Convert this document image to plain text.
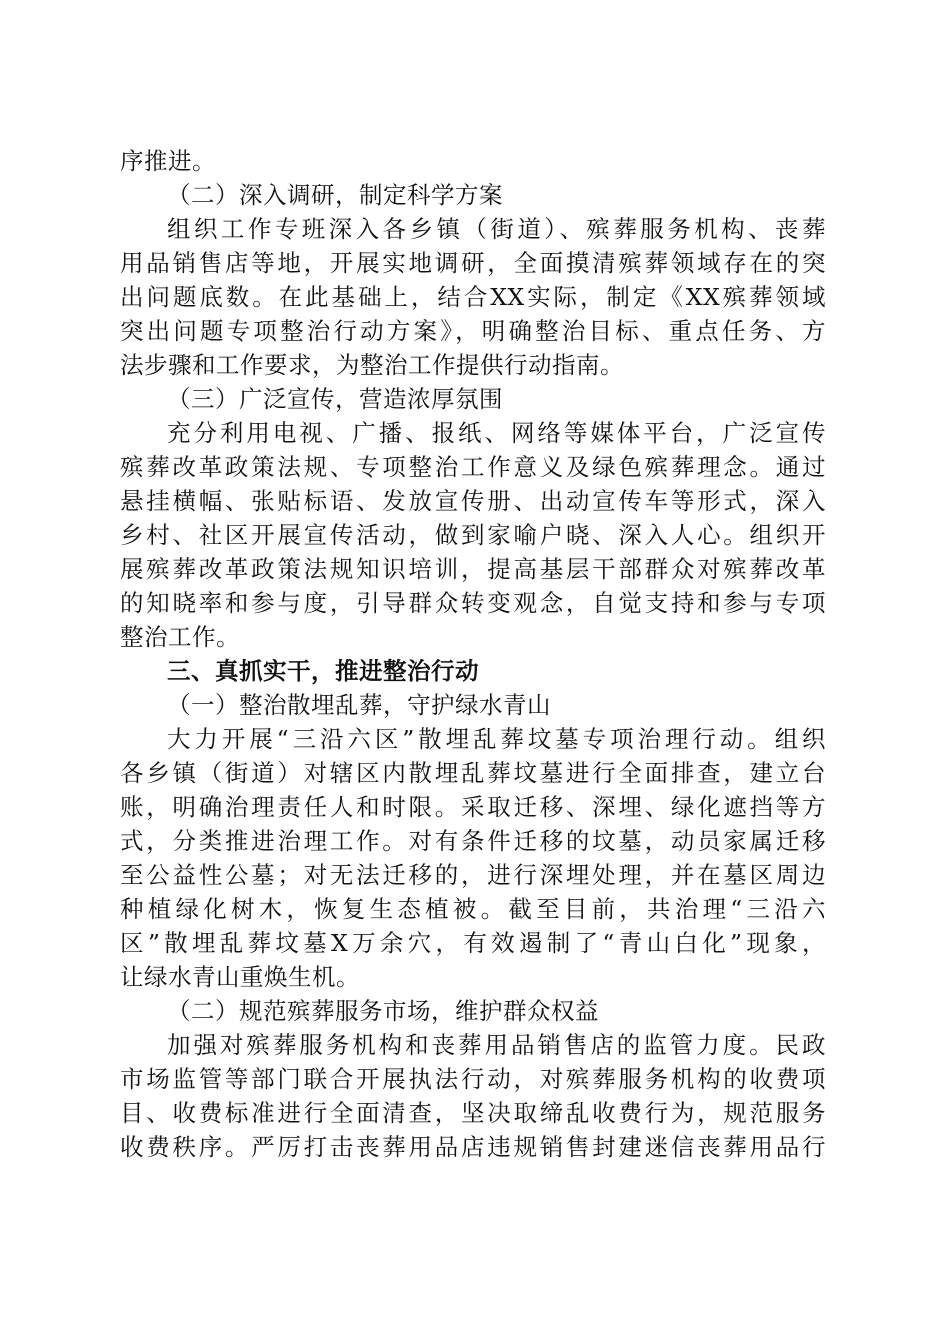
序推进。
（二）深入调研，制定科学方案
组织工作专班深入各乡镇（街道）、殡葬服务机构、丧葬
用品销售店等地，开展实地调研，全面摸清殡葬领域存在的突
出问题底数。在此基础上，结合XX实际，制定《XX殡葬领域
突出问题专项整治行动方案》，明确整治目标、重点任务、方
法步骤和工作要求，为整治工作提供行动指南。
（三）广泛宣传，营造浓厚氛围
充分利用电视、广播、报纸、网络等媒体平台，广泛宣传
殡葬改革政策法规、专项整治工作意义及绿色殡葬理念。通过
悬挂横幅、张贴标语、发放宣传册、出动宣传车等形式，深入
乡村、社区开展宣传活动，做到家喻户晓、深入人心。组织开
展殡葬改革政策法规知识培训，提高基层干部群众对殡葬改革
的知晓率和参与度，引导群众转变观念，自觉支持和参与专项
整治工作。
三、真抓实干，推进整治行动
（一）整治散埋乱葬，守护绿水青山
大力开展“三沿六区”散埋乱葬坟墓专项治理行动。组织
各乡镇（街道）对辖区内散埋乱葬坟墓进行全面排查，建立台
账，明确治理责任人和时限。采取迁移、深埋、绿化遮挡等方
式，分类推进治理工作。对有条件迁移的坟墓，动员家属迁移
至公益性公墓；对无法迁移的，进行深埋处理，并在墓区周边
种植绿化树木，恢复生态植被。截至目前，共治理“三沿六
区”散埋乱葬坟墓X万余穴，有效遏制了“青山白化”现象，
让绿水青山重焕生机。
（二）规范殡葬服务市场，维护群众权益
加强对殡葬服务机构和丧葬用品销售店的监管力度。民政
市场监管等部门联合开展执法行动，对殡葬服务机构的收费项
目、收费标准进行全面清查，坚决取缔乱收费行为，规范服务
收费秩序。严厉打击丧葬用品店违规销售封建迷信丧葬用品行
